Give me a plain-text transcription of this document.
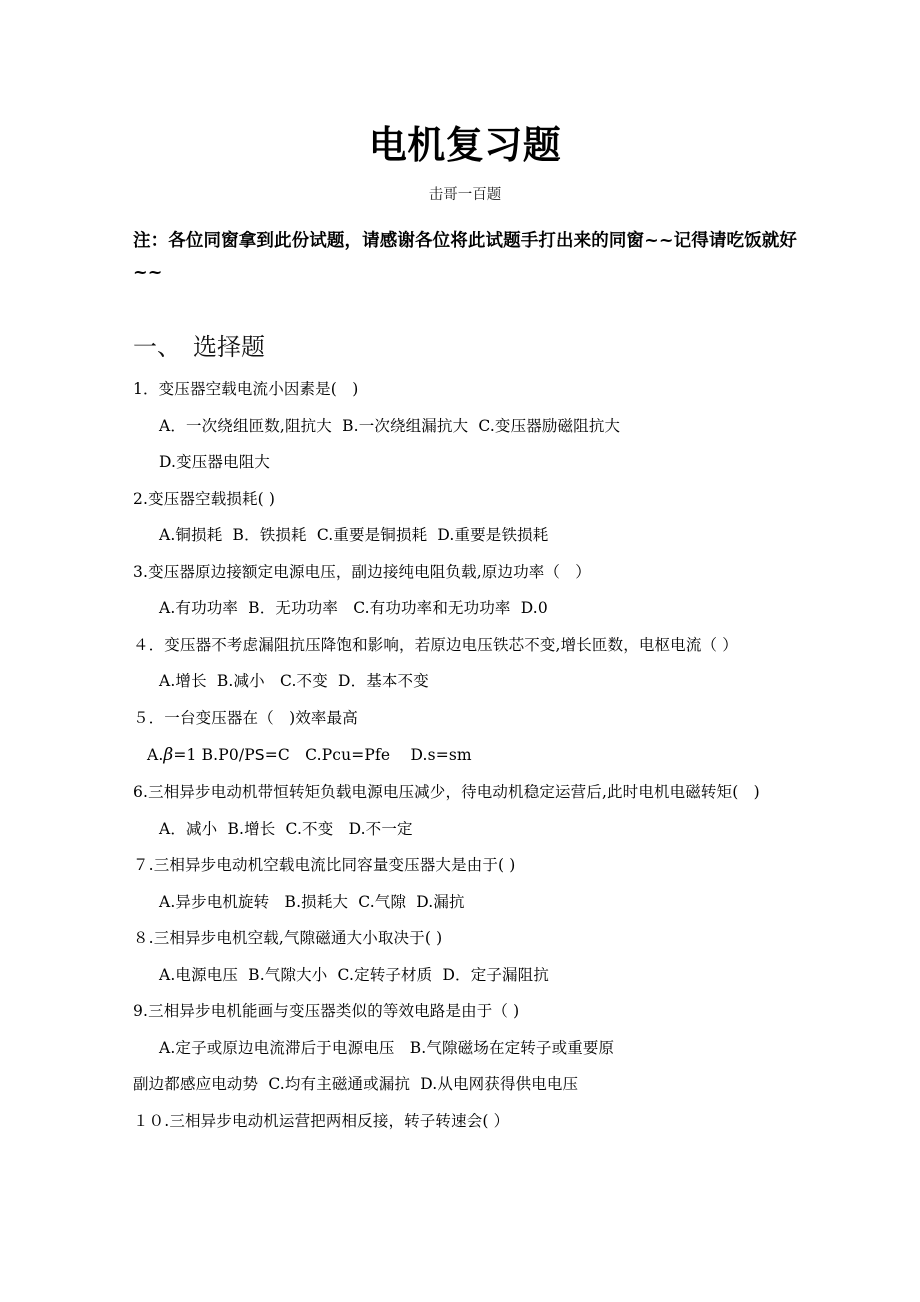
电机复习题

击哥一百题

注：各位同窗拿到此份试题，请感谢各位将此试题手打出来的同窗~~记得请吃饭就好~~

一、　选择题
1．变压器空载电流小因素是(   )
A．一次绕组匝数,阻抗大  B.一次绕组漏抗大  C.变压器励磁阻抗大
D.变压器电阻大
2.变压器空载损耗( )
A.铜损耗  B．铁损耗  C.重要是铜损耗  D.重要是铁损耗
3.变压器原边接额定电源电压，副边接纯电阻负载,原边功率（   ）
A.有功功率  B．无功功率   C.有功功率和无功功率  D.0
４．变压器不考虑漏阻抗压降饱和影响，若原边电压铁芯不变,增长匝数，电枢电流（ ）
A.增长  B.减小   C.不变  D．基本不变
５．一台变压器在（   )效率最高
A.β=1 B.P0/PS=C   C.Pcu=Pfe    D.s=sm
6.三相异步电动机带恒转矩负载电源电压减少，待电动机稳定运营后,此时电机电磁转矩(   )
A．减小  B.增长  C.不变   D.不一定
７.三相异步电动机空载电流比同容量变压器大是由于( )
A.异步电机旋转   B.损耗大  C.气隙  D.漏抗
８.三相异步电机空载,气隙磁通大小取决于( )
A.电源电压  B.气隙大小  C.定转子材质  D．定子漏阻抗
9.三相异步电机能画与变压器类似的等效电路是由于（ )
A.定子或原边电流滞后于电源电压   B.气隙磁场在定转子或重要原
副边都感应电动势  C.均有主磁通或漏抗  D.从电网获得供电电压
１０.三相异步电动机运营把两相反接，转子转速会( ）
